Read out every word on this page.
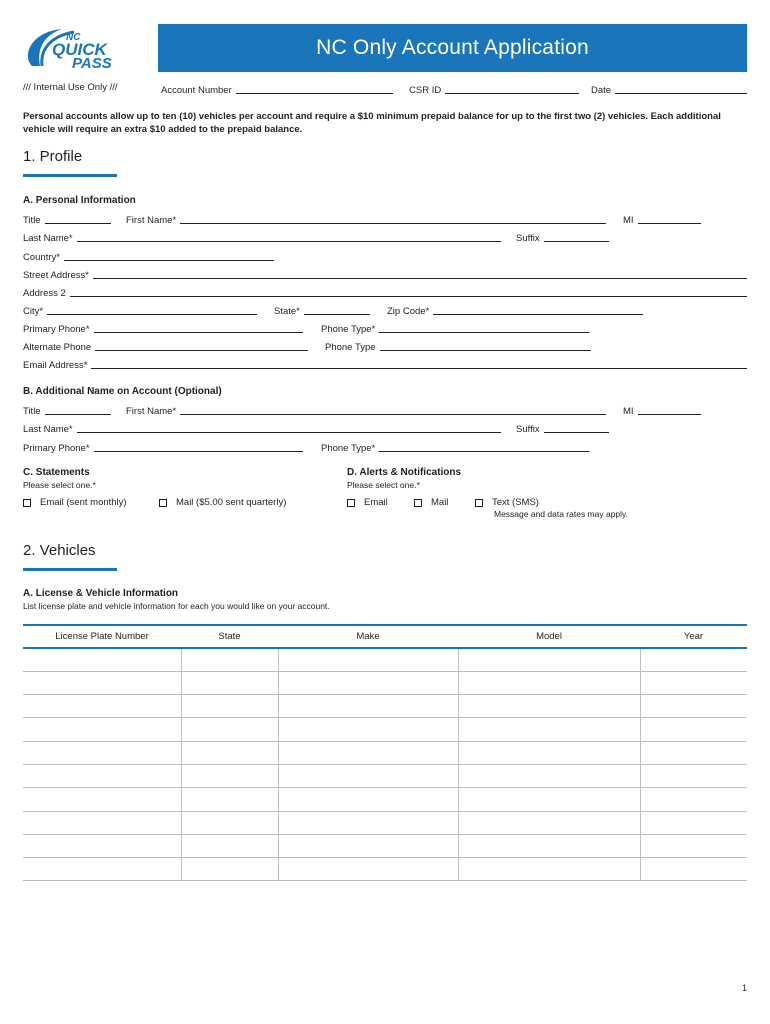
NC
QUICK
PASS
NC Only Account Application
/// Internal Use Only ///	Account Number	CSR ID	Date
Personal accounts allow up to ten (10) vehicles per account and require a $10 minimum prepaid balance for up to the first two (2) vehicles. Each additional vehicle will require an extra $10 added to the prepaid balance.
1. Profile
A. Personal Information
Title	First Name*	MI
Last Name*	Suffix
Country*
Street Address*
Address 2
City*	State*	Zip Code*
Primary Phone*	Phone Type*
Alternate Phone	Phone Type
Email Address*
B. Additional Name on Account (Optional)
Title	First Name*	MI
Last Name*	Suffix
Primary Phone*	Phone Type*
C. Statements
Please select one.*
Email (sent monthly)	Mail ($5.00 sent quarterly)
D. Alerts & Notifications
Please select one.*
Email	Mail	Text (SMS)
Message and data rates may apply.
2. Vehicles
A. License & Vehicle Information
List license plate and vehicle information for each you would like on your account.
License Plate Number	State	Make	Model	Year

1
